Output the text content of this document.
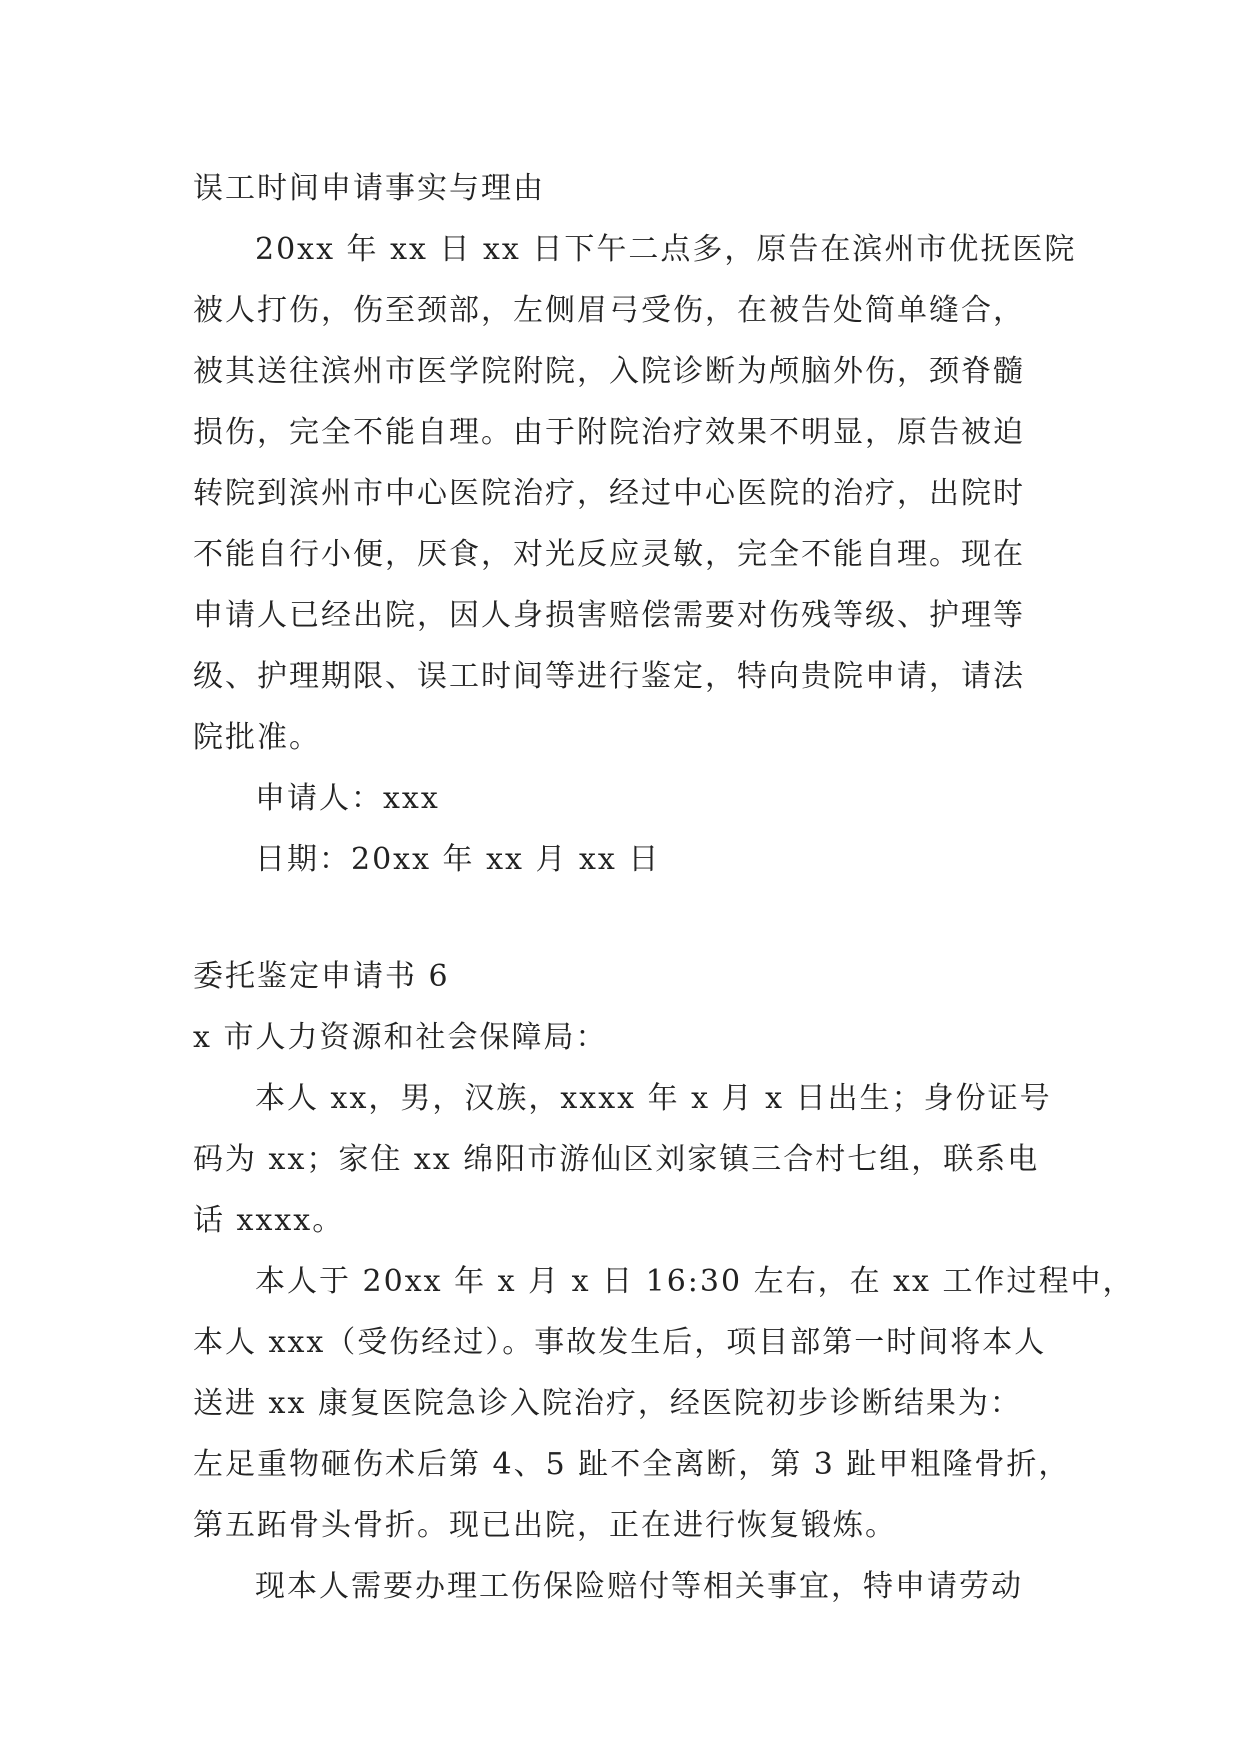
误工时间申请事实与理由
20xx 年 xx 日 xx 日下午二点多，原告在滨州市优抚医院
被人打伤，伤至颈部，左侧眉弓受伤，在被告处简单缝合，
被其送往滨州市医学院附院，入院诊断为颅脑外伤，颈脊髓
损伤，完全不能自理。由于附院治疗效果不明显，原告被迫
转院到滨州市中心医院治疗，经过中心医院的治疗，出院时
不能自行小便，厌食，对光反应灵敏，完全不能自理。现在
申请人已经出院，因人身损害赔偿需要对伤残等级、护理等
级、护理期限、误工时间等进行鉴定，特向贵院申请，请法
院批准。
申请人：xxx
日期：20xx 年 xx 月 xx 日
委托鉴定申请书 6
x 市人力资源和社会保障局：
本人 xx，男，汉族，xxxx 年 x 月 x 日出生；身份证号
码为 xx；家住 xx 绵阳市游仙区刘家镇三合村七组，联系电
话 xxxx。
本人于 20xx 年 x 月 x 日 16:30 左右，在 xx 工作过程中，
本人 xxx（受伤经过）。事故发生后，项目部第一时间将本人
送进 xx 康复医院急诊入院治疗，经医院初步诊断结果为：
左足重物砸伤术后第 4、5 趾不全离断，第 3 趾甲粗隆骨折，
第五跖骨头骨折。现已出院，正在进行恢复锻炼。
现本人需要办理工伤保险赔付等相关事宜，特申请劳动
